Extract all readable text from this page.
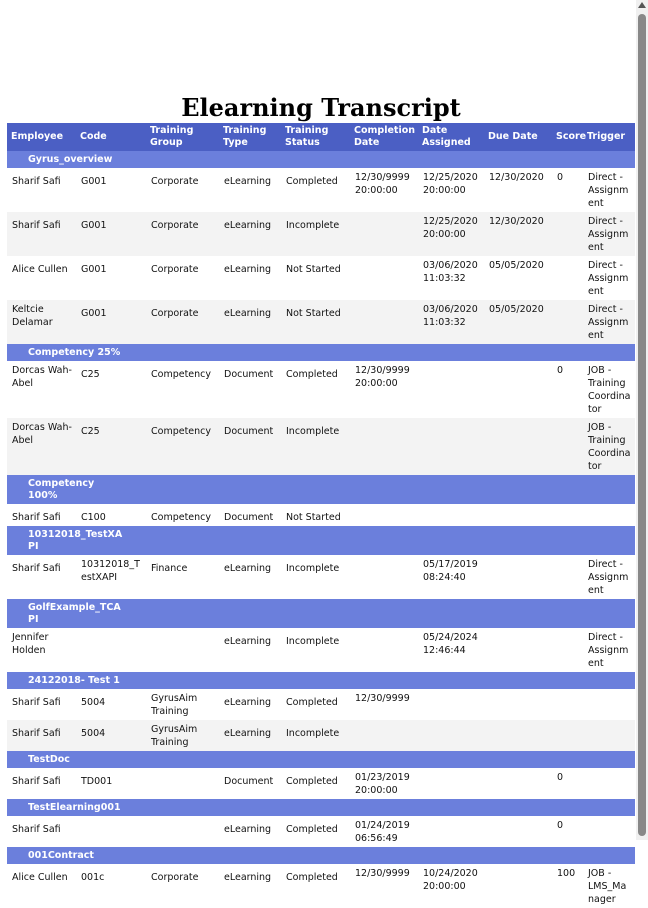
Elearning Transcript
Employee	Code	Training Group	Training Type	Training Status	Completion Date	Date Assigned	Due Date	Score	Trigger

Gyrus_overview									

Sharif Safi	G001	Corporate	eLearning	Completed	12/30/9999 20:00:00	12/25/2020 20:00:00	12/30/2020	0	Direct - Assignment
Sharif Safi	G001	Corporate	eLearning	Incomplete		12/25/2020 20:00:00	12/30/2020		Direct - Assignment
Alice Cullen	G001	Corporate	eLearning	Not Started		03/06/2020 11:03:32	05/05/2020		Direct - Assignment
Keltcie Delamar	G001	Corporate	eLearning	Not Started		03/06/2020 11:03:32	05/05/2020		Direct - Assignment

Competency 25%									

Dorcas Wah-Abel	C25	Competency	Document	Completed	12/30/9999 20:00:00			0	JOB - Training Coordinator
Dorcas Wah-Abel	C25	Competency	Document	Incomplete					JOB - Training Coordinator

Competency 100%									

Sharif Safi	C100	Competency	Document	Not Started					

10312018_TestXAPI									

Sharif Safi	10312018_TestXAPI	Finance	eLearning	Incomplete		05/17/2019 08:24:40			Direct - Assignment

GolfExample_TCAPI									

Jennifer Holden			eLearning	Incomplete		05/24/2024 12:46:44			Direct - Assignment

24122018- Test 1									

Sharif Safi	5004	GyrusAim Training	eLearning	Completed	12/30/9999				
Sharif Safi	5004	GyrusAim Training	eLearning	Incomplete					

TestDoc									

Sharif Safi	TD001		Document	Completed	01/23/2019 20:00:00			0	

TestElearning001									

Sharif Safi			eLearning	Completed	01/24/2019 06:56:49			0	

001Contract									

Alice Cullen	001c	Corporate	eLearning	Completed	12/30/9999	10/24/2020 20:00:00		100	JOB - LMS_Manager
